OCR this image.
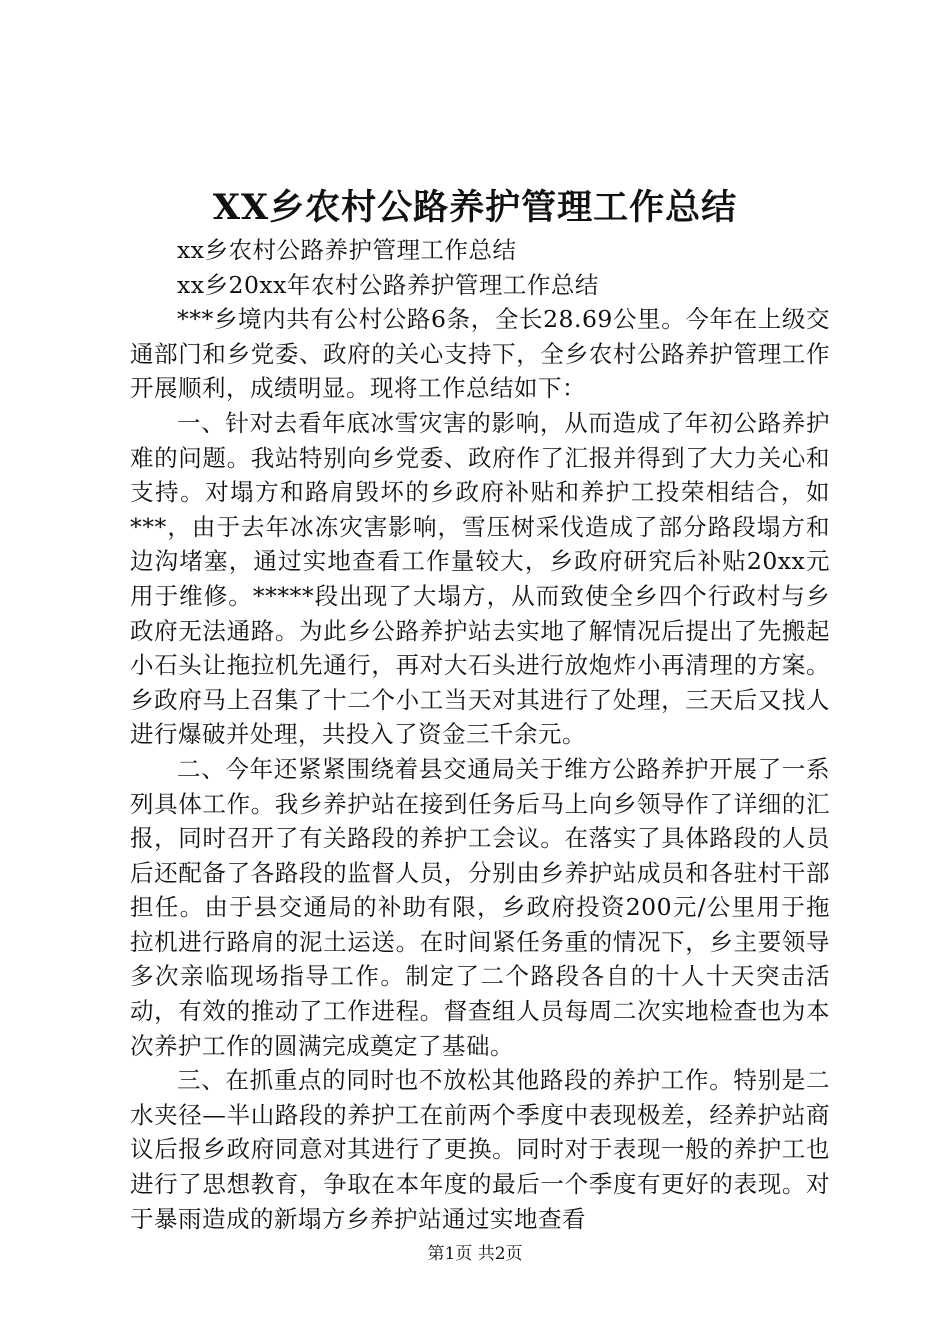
XX乡农村公路养护管理工作总结

xx乡农村公路养护管理工作总结

xx乡20xx年农村公路养护管理工作总结

***乡境内共有公村公路6条，全长28.69公里。今年在上级交通部门和乡党委、政府的关心支持下，全乡农村公路养护管理工作开展顺利，成绩明显。现将工作总结如下：

一、针对去看年底冰雪灾害的影响，从而造成了年初公路养护难的问题。我站特别向乡党委、政府作了汇报并得到了大力关心和支持。对塌方和路肩毁坏的乡政府补贴和养护工投荣相结合，如***，由于去年冰冻灾害影响，雪压树采伐造成了部分路段塌方和边沟堵塞，通过实地查看工作量较大，乡政府研究后补贴20xx元用于维修。*****段出现了大塌方，从而致使全乡四个行政村与乡政府无法通路。为此乡公路养护站去实地了解情况后提出了先搬起小石头让拖拉机先通行，再对大石头进行放炮炸小再清理的方案。乡政府马上召集了十二个小工当天对其进行了处理，三天后又找人进行爆破并处理，共投入了资金三千余元。

二、今年还紧紧围绕着县交通局关于维方公路养护开展了一系列具体工作。我乡养护站在接到任务后马上向乡领导作了详细的汇报，同时召开了有关路段的养护工会议。在落实了具体路段的人员后还配备了各路段的监督人员，分别由乡养护站成员和各驻村干部担任。由于县交通局的补助有限，乡政府投资200元/公里用于拖拉机进行路肩的泥土运送。在时间紧任务重的情况下，乡主要领导多次亲临现场指导工作。制定了二个路段各自的十人十天突击活动，有效的推动了工作进程。督查组人员每周二次实地检查也为本次养护工作的圆满完成奠定了基础。

三、在抓重点的同时也不放松其他路段的养护工作。特别是二水夹径—半山路段的养护工在前两个季度中表现极差，经养护站商议后报乡政府同意对其进行了更换。同时对于表现一般的养护工也进行了思想教育，争取在本年度的最后一个季度有更好的表现。对于暴雨造成的新塌方乡养护站通过实地查看

第1页 共2页
